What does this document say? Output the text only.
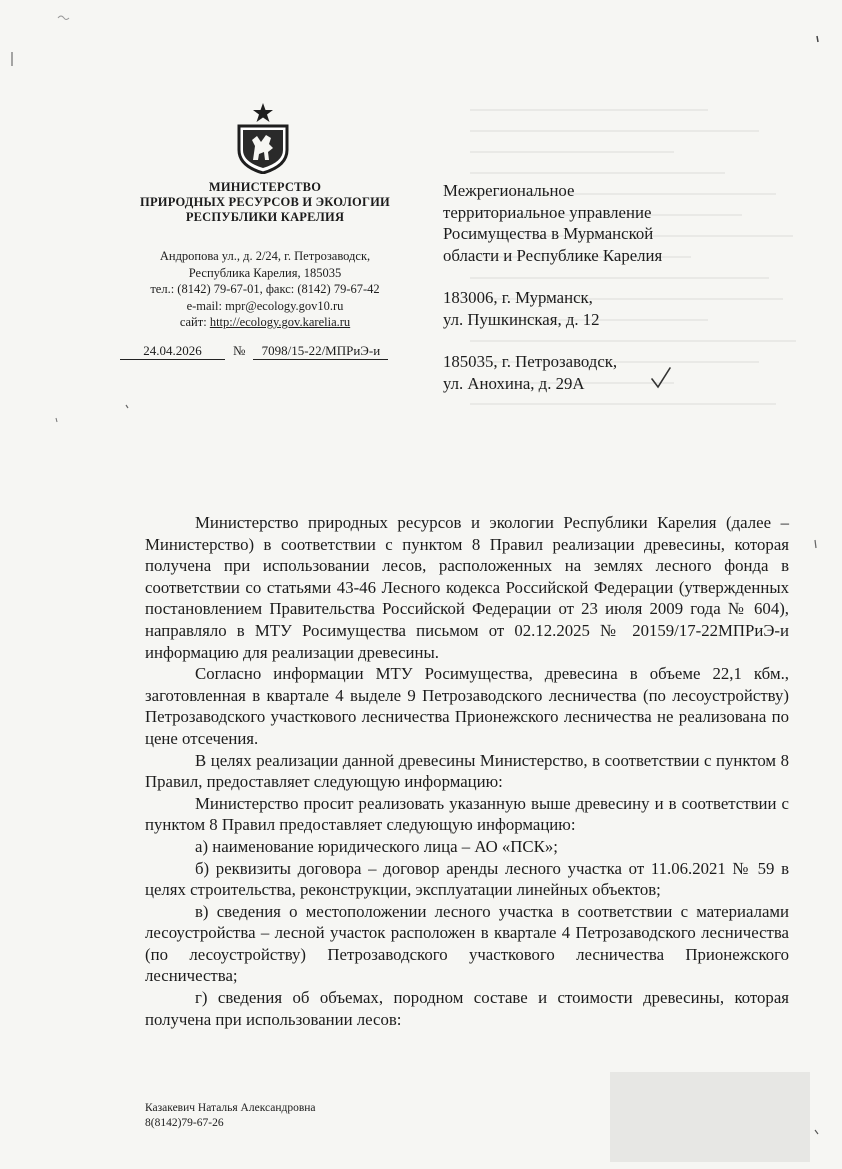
МИНИСТЕРСТВО
ПРИРОДНЫХ РЕСУРСОВ И ЭКОЛОГИИ
РЕСПУБЛИКИ КАРЕЛИЯ
Андропова ул., д. 2/24, г. Петрозаводск,
Республика Карелия, 185035
тел.: (8142) 79-67-01, факс: (8142) 79-67-42
e-mail: mpr@ecology.gov10.ru
сайт: http://ecology.gov.karelia.ru
24.04.2026 № 7098/15-22/МПРиЭ-и
Межрегиональное
территориальное управление
Росимущества в Мурманской
области и Республике Карелия
183006, г. Мурманск,
ул. Пушкинская, д. 12
185035, г. Петрозаводск,
ул. Анохина, д. 29А

Министерство природных ресурсов и экологии Республики Карелия (далее – Министерство) в соответствии с пунктом 8 Правил реализации древесины, которая получена при использовании лесов, расположенных на землях лесного фонда в соответствии со статьями 43-46 Лесного кодекса Российской Федерации (утвержденных постановлением Правительства Российской Федерации от 23 июля 2009 года № 604), направляло в МТУ Росимущества письмом от 02.12.2025 № 20159/17-22МПРиЭ-и информацию для реализации древесины.

Согласно информации МТУ Росимущества, древесина в объеме 22,1 кбм., заготовленная в квартале 4 выделе 9 Петрозаводского лесничества (по лесоустройству) Петрозаводского участкового лесничества Прионежского лесничества не реализована по цене отсечения.

В целях реализации данной древесины Министерство, в соответствии с пунктом 8 Правил, предоставляет следующую информацию:

Министерство просит реализовать указанную выше древесину и в соответствии с пунктом 8 Правил предоставляет следующую информацию:

а) наименование юридического лица – АО «ПСК»;

б) реквизиты договора – договор аренды лесного участка от 11.06.2021 № 59 в целях строительства, реконструкции, эксплуатации линейных объектов;

в) сведения о местоположении лесного участка в соответствии с материалами лесоустройства – лесной участок расположен в квартале 4 Петрозаводского лесничества (по лесоустройству) Петрозаводского участкового лесничества Прионежского лесничества;

г) сведения об объемах, породном составе и стоимости древесины, которая получена при использовании лесов:

Казакевич Наталья Александровна
8(8142)79-67-26
